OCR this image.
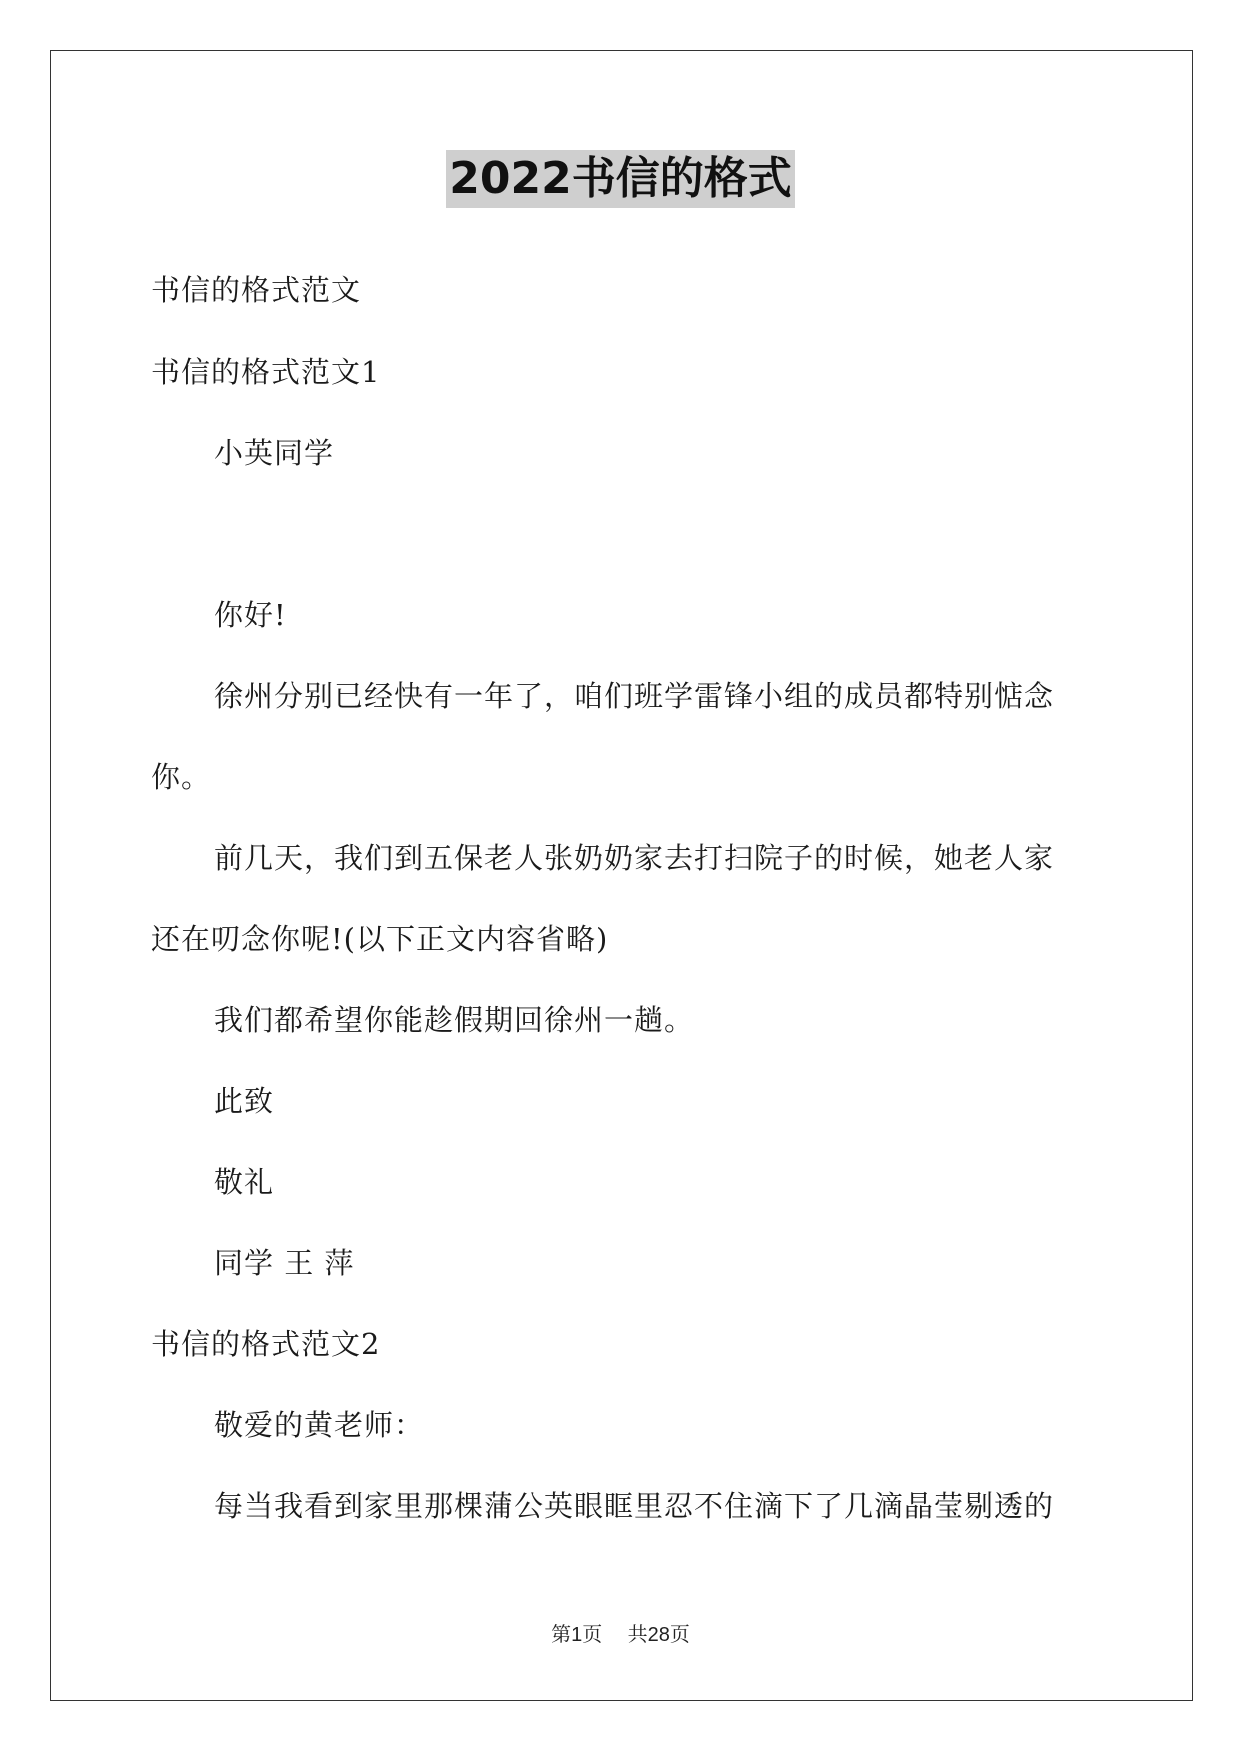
2022书信的格式
书信的格式范文
书信的格式范文1
小英同学
你好!
徐州分别已经快有一年了，咱们班学雷锋小组的成员都特别惦念
你。
前几天，我们到五保老人张奶奶家去打扫院子的时候，她老人家
还在叨念你呢!(以下正文内容省略)
我们都希望你能趁假期回徐州一趟。
此致
敬礼
同学 王 萍
书信的格式范文2
敬爱的黄老师：
每当我看到家里那棵蒲公英眼眶里忍不住滴下了几滴晶莹剔透的
第1页 共28页
